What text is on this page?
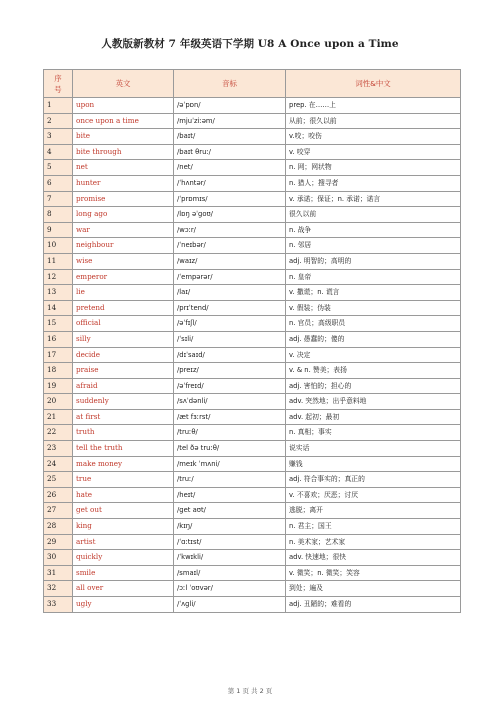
人教版新教材 7 年级英语下学期 U8 A Once upon a Time
序
号	英文	音标	词性&中文
1	upon	/əˈpɒn/	prep. 在……上
2	once upon a time	/mjuˈziːəm/	从前；很久以前
3	bite	/baɪt/	v.咬；咬伤
4	bite through	/baɪt θruː/	v. 咬穿
5	net	/net/	n. 网；网状物
6	hunter	/ˈhʌntər/	n. 猎人；搜寻者
7	promise	/ˈprɒmɪs/	v. 承诺；保证；n. 承诺；诺言
8	long ago	/lɒŋ əˈɡoʊ/	很久以前
9	war	/wɔːr/	n. 战争
10	neighbour	/ˈneɪbər/	n. 邻居
11	wise	/waɪz/	adj. 明智的；高明的
12	emperor	/ˈempərər/	n. 皇帝
13	lie	/laɪ/	v. 撒谎；n. 谎言
14	pretend	/prɪˈtend/	v. 假装；伪装
15	official	/əˈfɪʃl/	n. 官员；高级职员
16	silly	/ˈsɪli/	adj. 愚蠢的；傻的
17	decide	/dɪˈsaɪd/	v. 决定
18	praise	/preɪz/	v. & n. 赞美；表扬
19	afraid	/əˈfreɪd/	adj. 害怕的；担心的
20	suddenly	/sʌˈdənli/	adv. 突然地；出乎意料地
21	at first	/æt fɜːrst/	adv. 起初；最初
22	truth	/truːθ/	n. 真相；事实
23	tell the truth	/tel ðə truːθ/	说实话
24	make money	/meɪk ˈmʌni/	赚钱
25	true	/truː/	adj. 符合事实的；真正的
26	hate	/heɪt/	v. 不喜欢；厌恶；讨厌
27	get out	/ɡet aʊt/	逃脱；离开
28	king	/kɪŋ/	n. 君主；国王
29	artist	/ˈɑːtɪst/	n. 美术家；艺术家
30	quickly	/ˈkwɪkli/	adv. 快速地；很快
31	smile	/smaɪl/	v. 微笑；n. 微笑；笑容
32	all over	/ɔːl ˈoʊvər/	到处；遍及
33	ugly	/ˈʌɡli/	adj. 丑陋的；难看的
第 1 页 共 2 页
